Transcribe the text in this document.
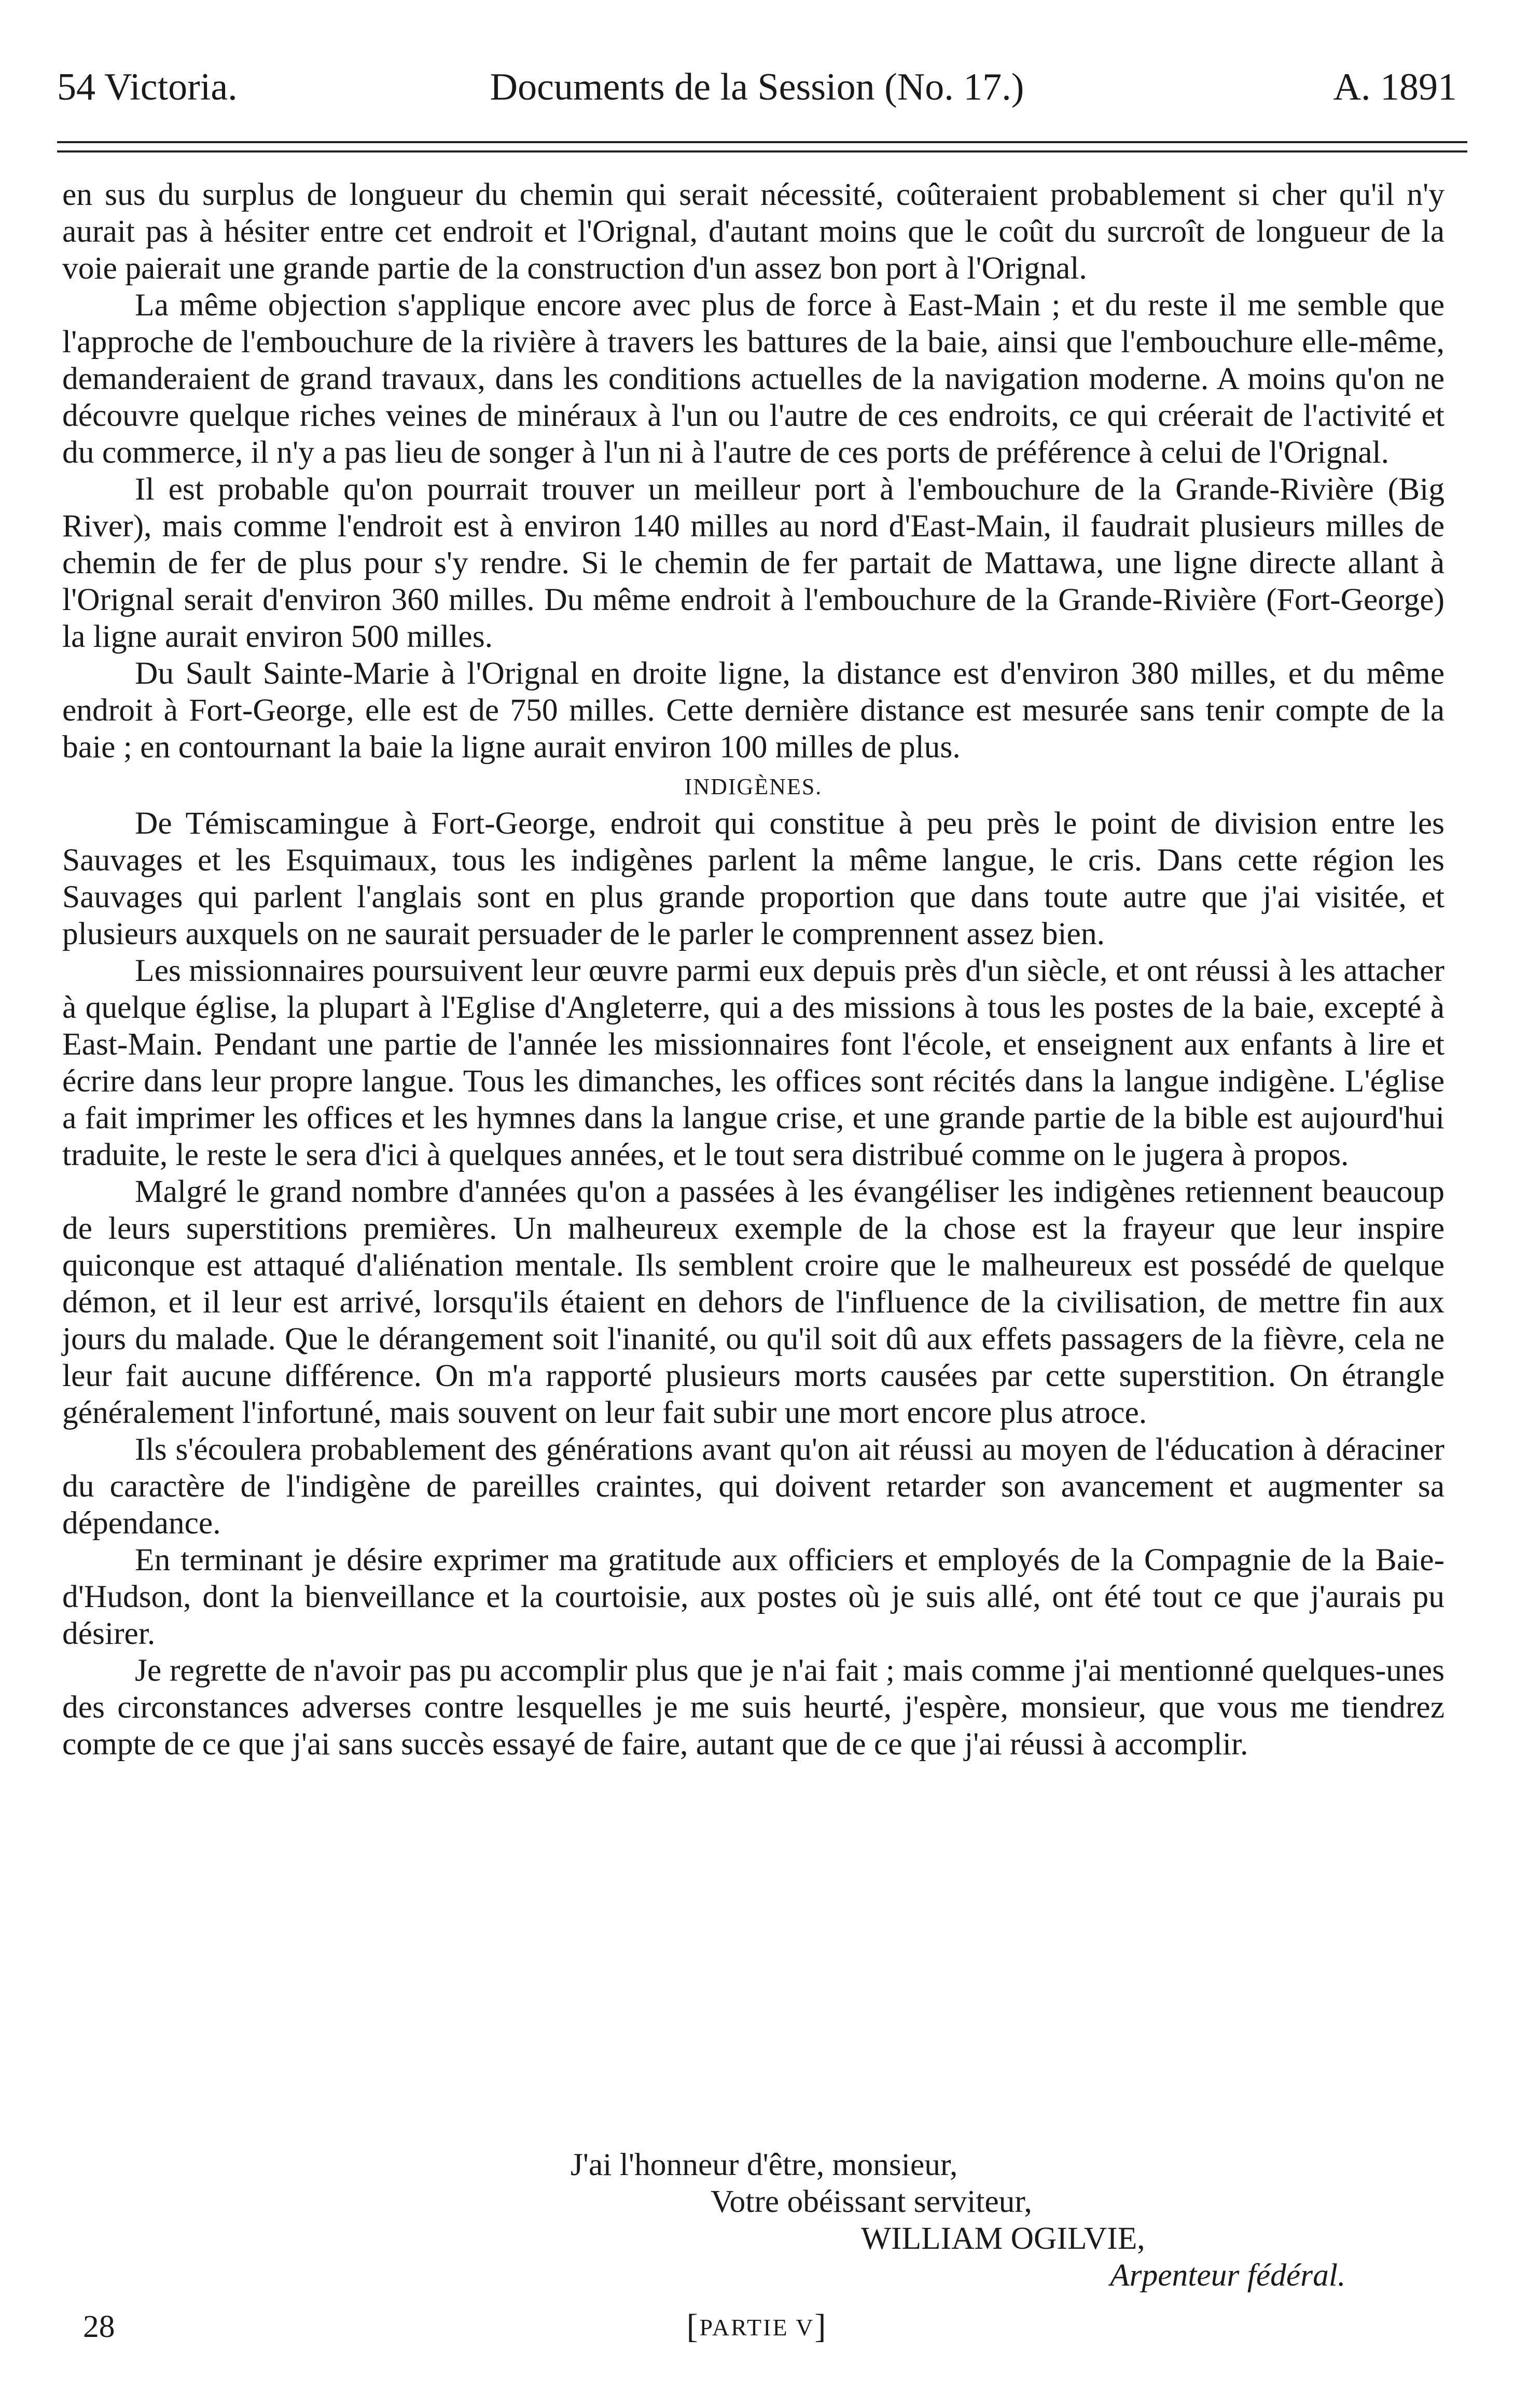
54 Victoria.	Documents de la Session (No. 17.)	A. 1891

en sus du surplus de longueur du chemin qui serait nécessité, coûteraient probablement si cher qu'il n'y aurait pas à hésiter entre cet endroit et l'Orignal, d'autant moins que le coût du surcroît de longueur de la voie paierait une grande partie de la construction d'un assez bon port à l'Orignal.

La même objection s'applique encore avec plus de force à East-Main ; et du reste il me semble que l'approche de l'embouchure de la rivière à travers les battures de la baie, ainsi que l'embouchure elle-même, demanderaient de grand travaux, dans les conditions actuelles de la navigation moderne. A moins qu'on ne découvre quelque riches veines de minéraux à l'un ou l'autre de ces endroits, ce qui créerait de l'activité et du commerce, il n'y a pas lieu de songer à l'un ni à l'autre de ces ports de préférence à celui de l'Orignal.

Il est probable qu'on pourrait trouver un meilleur port à l'embouchure de la Grande-Rivière (Big River), mais comme l'endroit est à environ 140 milles au nord d'East-Main, il faudrait plusieurs milles de chemin de fer de plus pour s'y rendre. Si le chemin de fer partait de Mattawa, une ligne directe allant à l'Orignal serait d'environ 360 milles. Du même endroit à l'embouchure de la Grande-Rivière (Fort-George) la ligne aurait environ 500 milles.

Du Sault Sainte-Marie à l'Orignal en droite ligne, la distance est d'environ 380 milles, et du même endroit à Fort-George, elle est de 750 milles. Cette dernière distance est mesurée sans tenir compte de la baie ; en contournant la baie la ligne aurait environ 100 milles de plus.

INDIGÈNES.

De Témiscamingue à Fort-George, endroit qui constitue à peu près le point de division entre les Sauvages et les Esquimaux, tous les indigènes parlent la même langue, le cris. Dans cette région les Sauvages qui parlent l'anglais sont en plus grande proportion que dans toute autre que j'ai visitée, et plusieurs auxquels on ne saurait persuader de le parler le comprennent assez bien.

Les missionnaires poursuivent leur œuvre parmi eux depuis près d'un siècle, et ont réussi à les attacher à quelque église, la plupart à l'Eglise d'Angleterre, qui a des missions à tous les postes de la baie, excepté à East-Main. Pendant une partie de l'année les missionnaires font l'école, et enseignent aux enfants à lire et écrire dans leur propre langue. Tous les dimanches, les offices sont récités dans la langue indigène. L'église a fait imprimer les offices et les hymnes dans la langue crise, et une grande partie de la bible est aujourd'hui traduite, le reste le sera d'ici à quelques années, et le tout sera distribué comme on le jugera à propos.

Malgré le grand nombre d'années qu'on a passées à les évangéliser les indigènes retiennent beaucoup de leurs superstitions premières. Un malheureux exemple de la chose est la frayeur que leur inspire quiconque est attaqué d'aliénation mentale. Ils semblent croire que le malheureux est possédé de quelque démon, et il leur est arrivé, lorsqu'ils étaient en dehors de l'influence de la civilisation, de mettre fin aux jours du malade. Que le dérangement soit l'inanité, ou qu'il soit dû aux effets passagers de la fièvre, cela ne leur fait aucune différence. On m'a rapporté plusieurs morts causées par cette superstition. On étrangle généralement l'infortuné, mais souvent on leur fait subir une mort encore plus atroce.

Ils s'écoulera probablement des générations avant qu'on ait réussi au moyen de l'éducation à déraciner du caractère de l'indigène de pareilles craintes, qui doivent retarder son avancement et augmenter sa dépendance.

En terminant je désire exprimer ma gratitude aux officiers et employés de la Compagnie de la Baie-d'Hudson, dont la bienveillance et la courtoisie, aux postes où je suis allé, ont été tout ce que j'aurais pu désirer.

Je regrette de n'avoir pas pu accomplir plus que je n'ai fait ; mais comme j'ai mentionné quelques-unes des circonstances adverses contre lesquelles je me suis heurté, j'espère, monsieur, que vous me tiendrez compte de ce que j'ai sans succès essayé de faire, autant que de ce que j'ai réussi à accomplir.

J'ai l'honneur d'être, monsieur,
Votre obéissant serviteur,
WILLIAM OGILVIE,
Arpenteur fédéral.
28	[PARTIE V]
